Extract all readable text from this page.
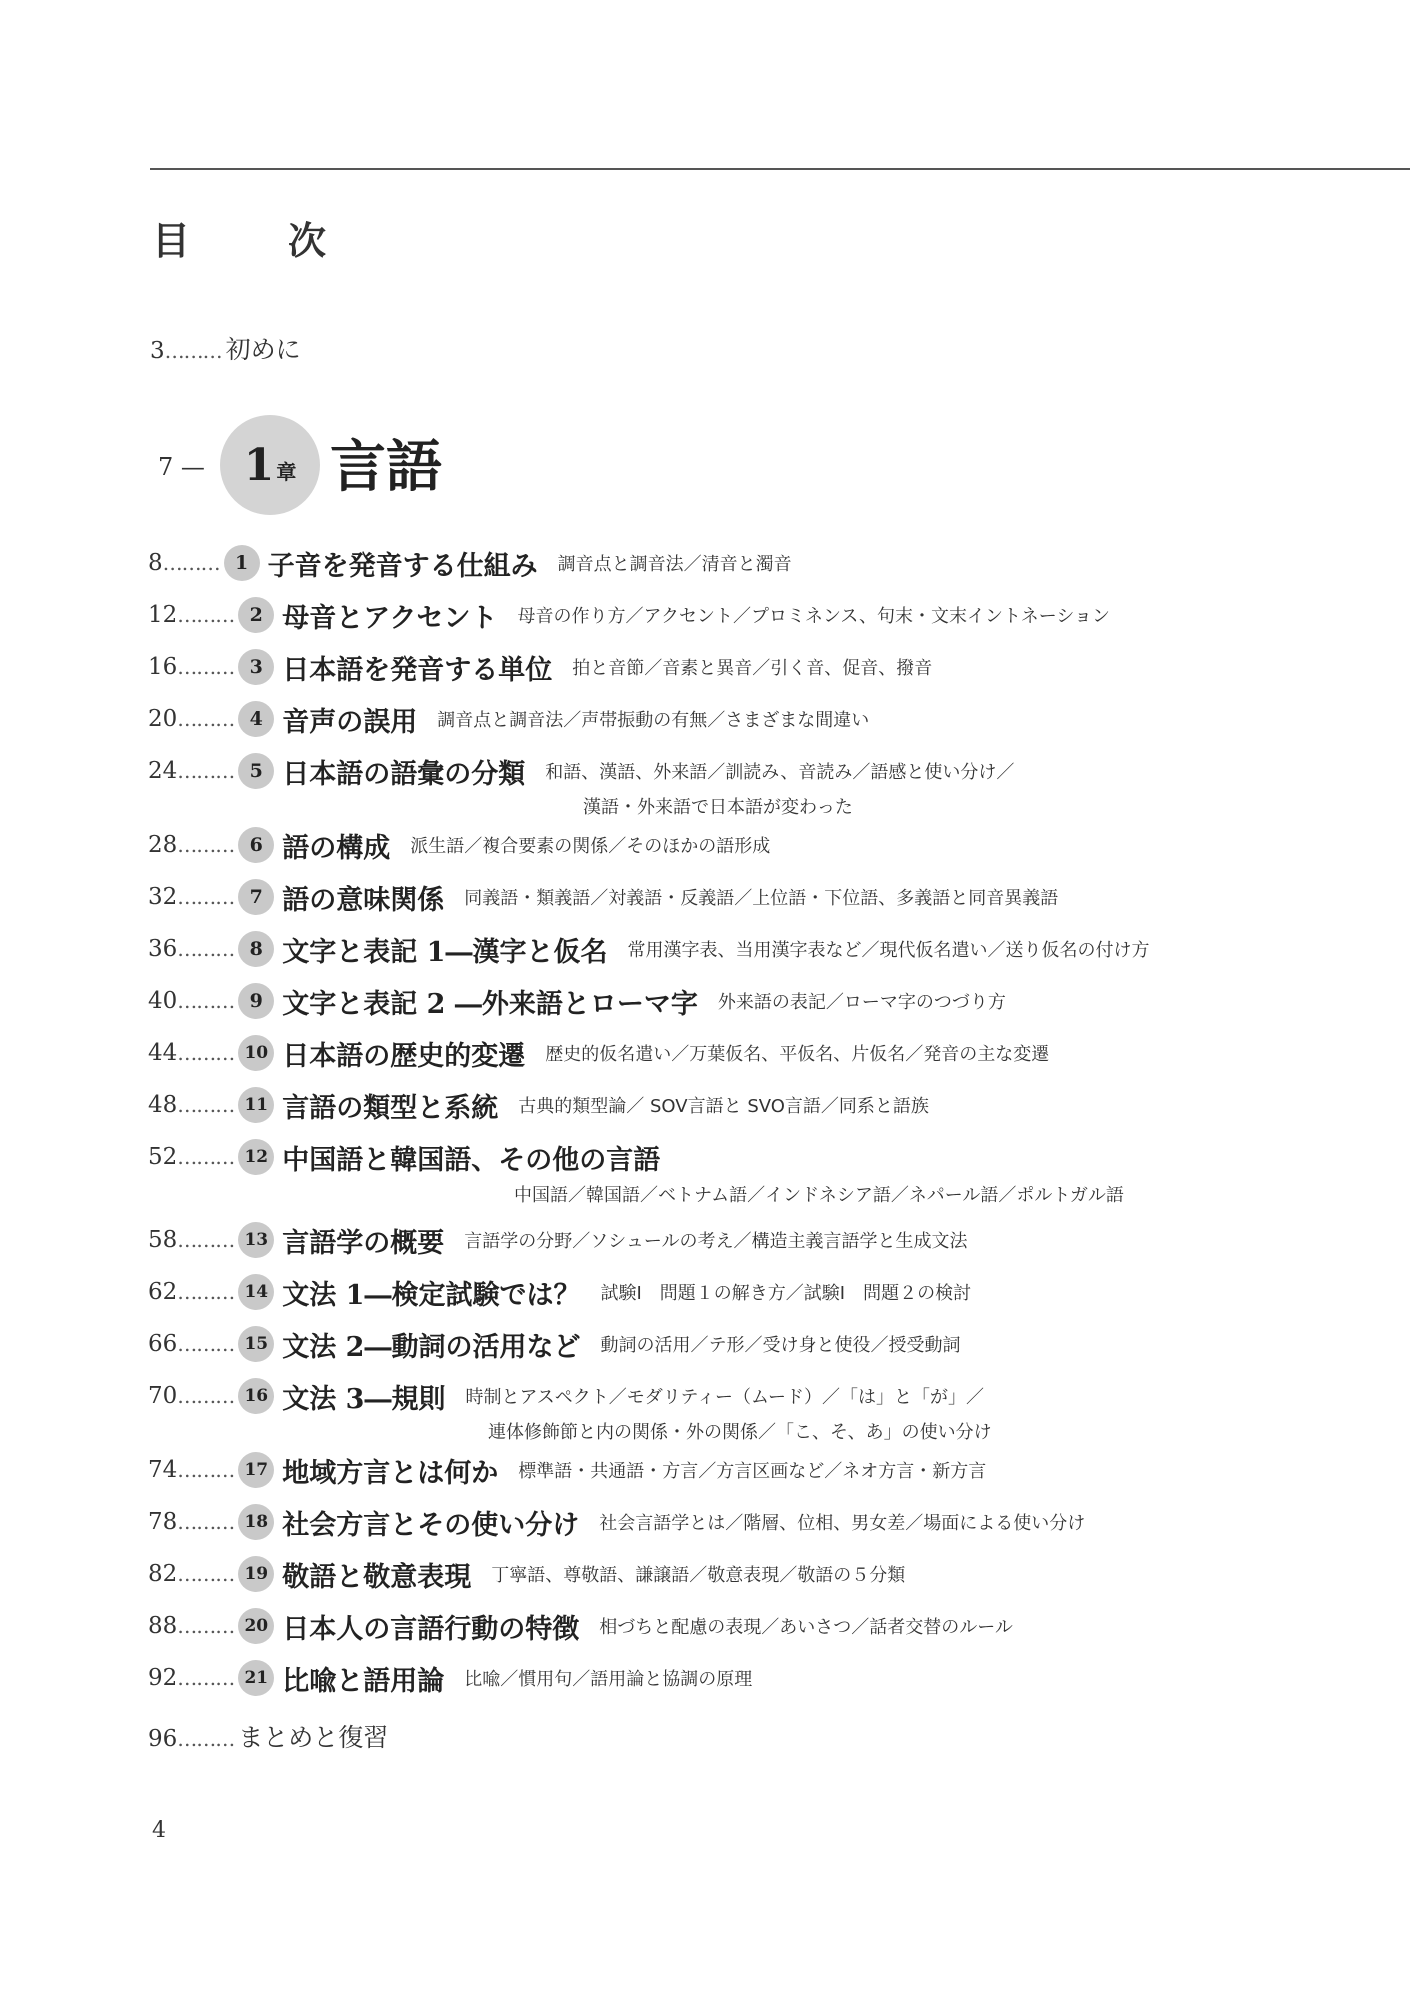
目　次
3……… 初めに
7 — 1 章 言語
8 ……… 1 子音を発音する仕組み 調音点と調音法／清音と濁音
12 ……… 2 母音とアクセント 母音の作り方／アクセント／プロミネンス、句末・文末イントネーション
16 ……… 3 日本語を発音する単位 拍と音節／音素と異音／引く音、促音、撥音
20 ……… 4 音声の誤用 調音点と調音法／声帯振動の有無／さまざまな間違い
24 ……… 5 日本語の語彙の分類 和語、漢語、外来語／訓読み、音読み／語感と使い分け／
漢語・外来語で日本語が変わった
28 ……… 6 語の構成 派生語／複合要素の関係／そのほかの語形成
32 ……… 7 語の意味関係 同義語・類義語／対義語・反義語／上位語・下位語、多義語と同音異義語
36 ……… 8 文字と表記 1―漢字と仮名 常用漢字表、当用漢字表など／現代仮名遣い／送り仮名の付け方
40 ……… 9 文字と表記 2 ―外来語とローマ字 外来語の表記／ローマ字のつづり方
44 ……… 10 日本語の歴史的変遷 歴史的仮名遣い／万葉仮名、平仮名、片仮名／発音の主な変遷
48 ……… 11 言語の類型と系統 古典的類型論／ SOV言語と SVO言語／同系と語族
52 ……… 12 中国語と韓国語、その他の言語
中国語／韓国語／ベトナム語／インドネシア語／ネパール語／ポルトガル語
58 ……… 13 言語学の概要 言語学の分野／ソシュールの考え／構造主義言語学と生成文法
62 ……… 14 文法 1―検定試験では？ 試験Ⅰ　問題１の解き方／試験Ⅰ　問題２の検討
66 ……… 15 文法 2―動詞の活用など 動詞の活用／テ形／受け身と使役／授受動詞
70 ……… 16 文法 3―規則 時制とアスペクト／モダリティー（ムード）／「は」と「が」／
連体修飾節と内の関係・外の関係／「こ、そ、あ」の使い分け
74 ……… 17 地域方言とは何か 標準語・共通語・方言／方言区画など／ネオ方言・新方言
78 ……… 18 社会方言とその使い分け 社会言語学とは／階層、位相、男女差／場面による使い分け
82 ……… 19 敬語と敬意表現 丁寧語、尊敬語、謙譲語／敬意表現／敬語の５分類
88 ……… 20 日本人の言語行動の特徴 相づちと配慮の表現／あいさつ／話者交替のルール
92 ……… 21 比喩と語用論 比喩／慣用句／語用論と協調の原理
96……… まとめと復習
4
